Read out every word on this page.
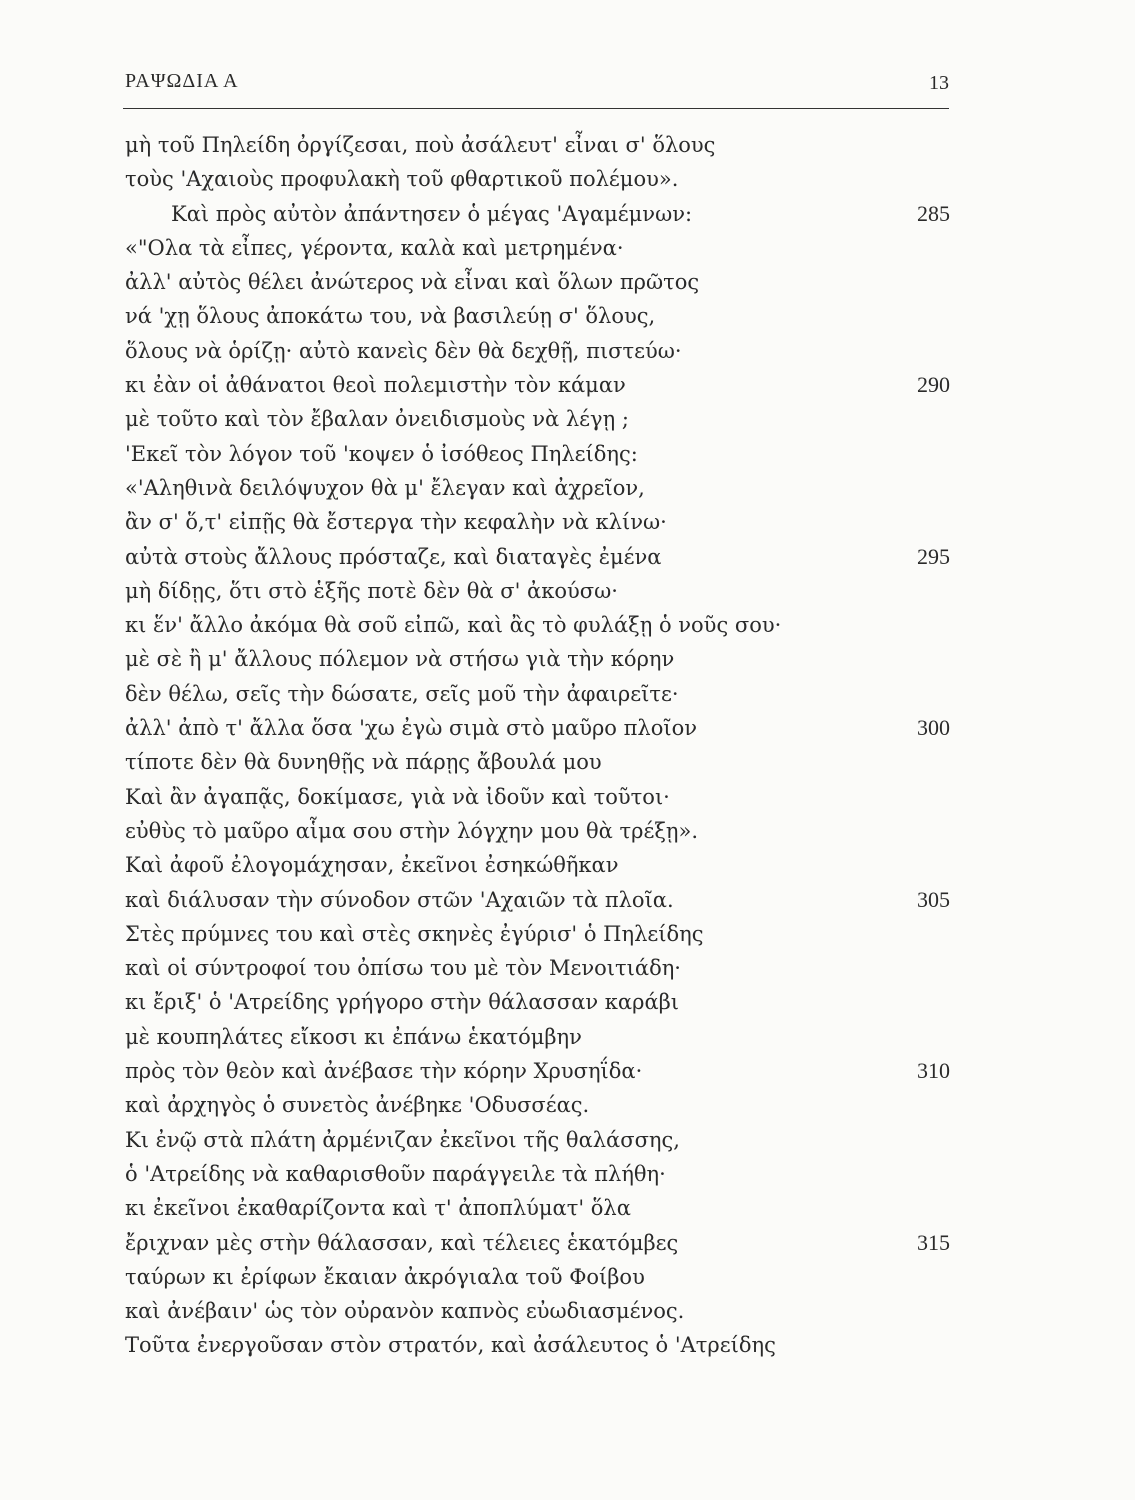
ΡΑΨΩΔΙΑ Α	13
μὴ τοῦ Πηλείδη ὀργίζεσαι, ποὺ ἀσάλευτ' εἶναι σ' ὅλους
τοὺς 'Αχαιοὺς προφυλακὴ τοῦ φθαρτικοῦ πολέμου».
Καὶ πρὸς αὐτὸν ἀπάντησεν ὁ μέγας 'Αγαμέμνων:	285
«"Ολα τὰ εἶπες, γέροντα, καλὰ καὶ μετρημένα·
ἀλλ' αὐτὸς θέλει ἀνώτερος νὰ εἶναι καὶ ὅλων πρῶτος
νά 'χῃ ὅλους ἀποκάτω του, νὰ βασιλεύῃ σ' ὅλους,
ὅλους νὰ ὁρίζῃ· αὐτὸ κανεὶς δὲν θὰ δεχθῇ, πιστεύω·
κι ἐὰν οἱ ἀθάνατοι θεοὶ πολεμιστὴν τὸν κάμαν	290
μὲ τοῦτο καὶ τὸν ἔβαλαν ὀνειδισμοὺς νὰ λέγῃ ;
'Εκεῖ τὸν λόγον τοῦ 'κοψεν ὁ ἰσόθεος Πηλείδης:
«'Αληθινὰ δειλόψυχον θὰ μ' ἔλεγαν καὶ ἀχρεῖον,
ἂν σ' ὅ,τ' εἰπῇς θὰ ἔστεργα τὴν κεφαλὴν νὰ κλίνω·
αὐτὰ στοὺς ἄλλους πρόσταζε, καὶ διαταγὲς ἐμένα	295
μὴ δίδῃς, ὅτι στὸ ἑξῆς ποτὲ δὲν θὰ σ' ἀκούσω·
κι ἕν' ἄλλο ἀκόμα θὰ σοῦ εἰπῶ, καὶ ἂς τὸ φυλάξῃ ὁ νοῦς σου·
μὲ σὲ ἢ μ' ἄλλους πόλεμον νὰ στήσω γιὰ τὴν κόρην
δὲν θέλω, σεῖς τὴν δώσατε, σεῖς μοῦ τὴν ἀφαιρεῖτε·
ἀλλ' ἀπὸ τ' ἄλλα ὅσα 'χω ἐγὼ σιμὰ στὸ μαῦρο πλοῖον	300
τίποτε δὲν θὰ δυνηθῇς νὰ πάρῃς ἄβουλά μου
Καὶ ἂν ἀγαπᾷς, δοκίμασε, γιὰ νὰ ἰδοῦν καὶ τοῦτοι·
εὐθὺς τὸ μαῦρο αἷμα σου στὴν λόγχην μου θὰ τρέξῃ».
Καὶ ἀφοῦ ἐλογομάχησαν, ἐκεῖνοι ἐσηκώθῆκαν
καὶ διάλυσαν τὴν σύνοδον στῶν 'Αχαιῶν τὰ πλοῖα.	305
Στὲς πρύμνες του καὶ στὲς σκηνὲς ἐγύρισ' ὁ Πηλείδης
καὶ οἱ σύντροφοί του ὀπίσω του μὲ τὸν Μενοιτιάδη·
κι ἔριξ' ὁ 'Ατρείδης γρήγορο στὴν θάλασσαν καράβι
μὲ κουπηλάτες εἴκοσι κι ἐπάνω ἑκατόμβην
πρὸς τὸν θεὸν καὶ ἀνέβασε τὴν κόρην Χρυσηΐδα·	310
καὶ ἀρχηγὸς ὁ συνετὸς ἀνέβηκε 'Οδυσσέας.
Κι ἐνῷ στὰ πλάτη ἀρμένιζαν ἐκεῖνοι τῆς θαλάσσης,
ὁ 'Ατρείδης νὰ καθαρισθοῦν παράγγειλε τὰ πλήθη·
κι ἐκεῖνοι ἐκαθαρίζοντα καὶ τ' ἀποπλύματ' ὅλα
ἔριχναν μὲς στὴν θάλασσαν, καὶ τέλειες ἑκατόμβες	315
ταύρων κι ἐρίφων ἔκαιαν ἀκρόγιαλα τοῦ Φοίβου
καὶ ἀνέβαιν' ὡς τὸν οὐρανὸν καπνὸς εὐωδιασμένος.
Τοῦτα ἐνεργοῦσαν στὸν στρατόν, καὶ ἀσάλευτος ὁ 'Ατρείδης
